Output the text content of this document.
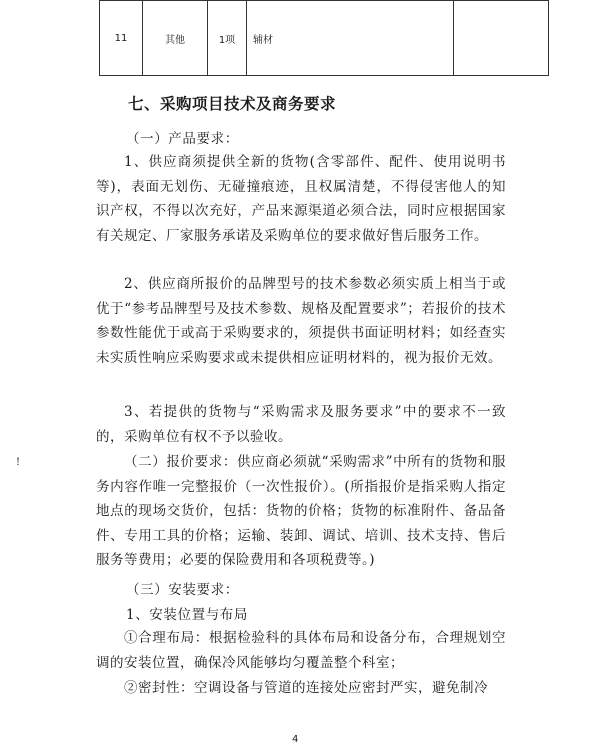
11	其他	1项	辅材	
七、采购项目技术及商务要求
（一）产品要求：

1、供应商须提供全新的货物(含零部件、配件、使用说明书等)，表面无划伤、无碰撞痕迹，且权属清楚，不得侵害他人的知识产权，不得以次充好，产品来源渠道必须合法，同时应根据国家有关规定、厂家服务承诺及采购单位的要求做好售后服务工作。

2、供应商所报价的品牌型号的技术参数必须实质上相当于或优于“参考品牌型号及技术参数、规格及配置要求”；若报价的技术参数性能优于或高于采购要求的，须提供书面证明材料；如经查实未实质性响应采购要求或未提供相应证明材料的，视为报价无效。

3、若提供的货物与“采购需求及服务要求”中的要求不一致的，采购单位有权不予以验收。

（二）报价要求：供应商必须就“采购需求”中所有的货物和服务内容作唯一完整报价（一次性报价）。(所指报价是指采购人指定地点的现场交货价，包括：货物的价格；货物的标准附件、备品备件、专用工具的价格；运输、装卸、调试、培训、技术支持、售后服务等费用；必要的保险费用和各项税费等。)

（三）安装要求：
1、安装位置与布局

①合理布局：根据检验科的具体布局和设备分布，合理规划空调的安装位置，确保冷风能够均匀覆盖整个科室；

②密封性：空调设备与管道的连接处应密封严实，避免制冷

!
4
